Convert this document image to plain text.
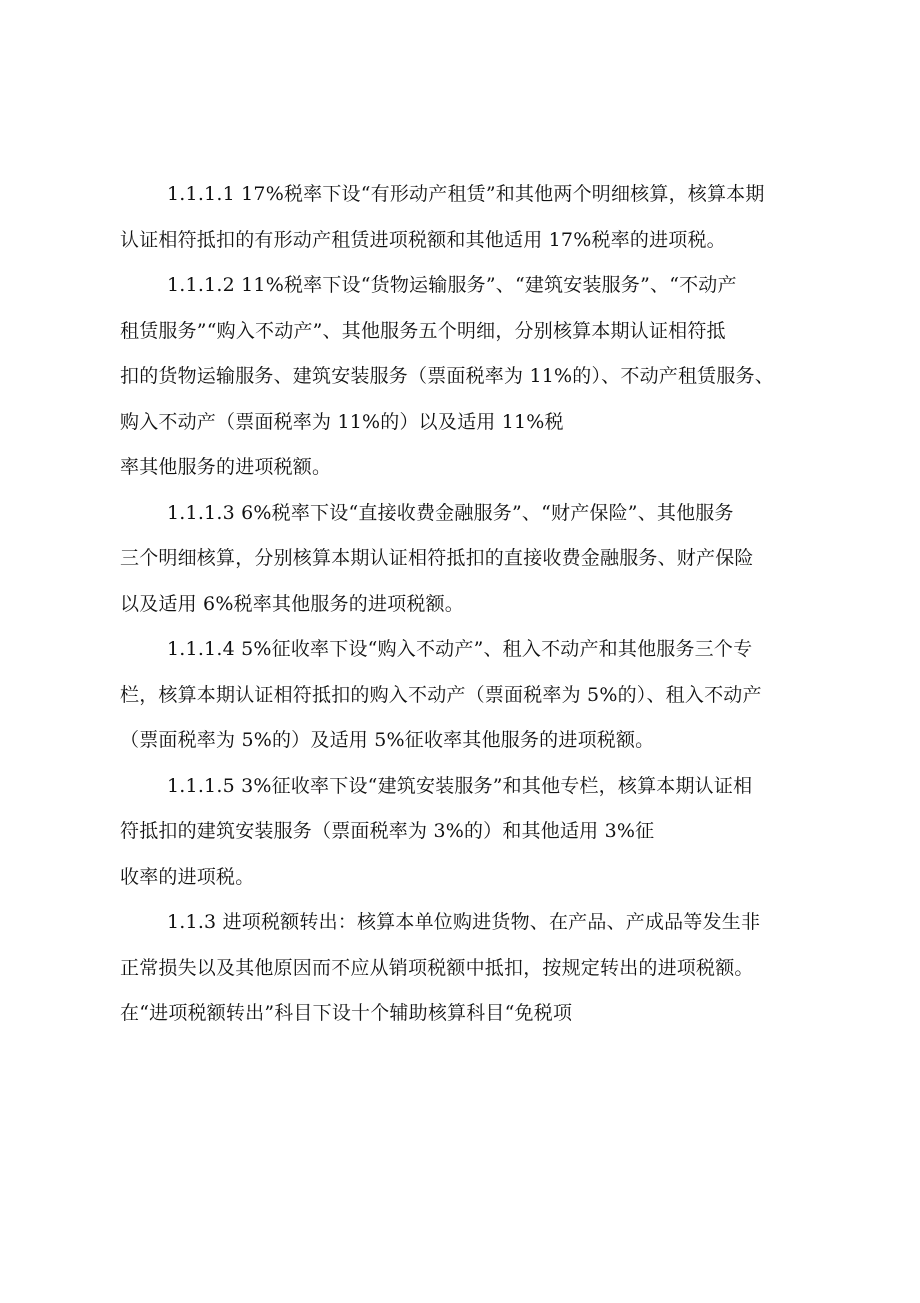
1.1.1.1 17%税率下设“有形动产租赁”和其他两个明细核算，核算本期
认证相符抵扣的有形动产租赁进项税额和其他适用 17%税率的进项税。
1.1.1.2 11%税率下设“货物运输服务”、“建筑安装服务”、“不动产
租赁服务”“购入不动产”、其他服务五个明细，分别核算本期认证相符抵
扣的货物运输服务、建筑安装服务（票面税率为 11%的）、不动产租赁服务、
购入不动产（票面税率为 11%的）以及适用 11%税
率其他服务的进项税额。
1.1.1.3 6%税率下设“直接收费金融服务”、“财产保险”、其他服务
三个明细核算，分别核算本期认证相符抵扣的直接收费金融服务、财产保险
以及适用 6%税率其他服务的进项税额。
1.1.1.4 5%征收率下设“购入不动产”、租入不动产和其他服务三个专
栏，核算本期认证相符抵扣的购入不动产（票面税率为 5%的）、租入不动产
（票面税率为 5%的）及适用 5%征收率其他服务的进项税额。
1.1.1.5 3%征收率下设“建筑安装服务”和其他专栏，核算本期认证相
符抵扣的建筑安装服务（票面税率为 3%的）和其他适用 3%征
收率的进项税。
1.1.3 进项税额转出：核算本单位购进货物、在产品、产成品等发生非
正常损失以及其他原因而不应从销项税额中抵扣，按规定转出的进项税额。
在“进项税额转出”科目下设十个辅助核算科目“免税项
